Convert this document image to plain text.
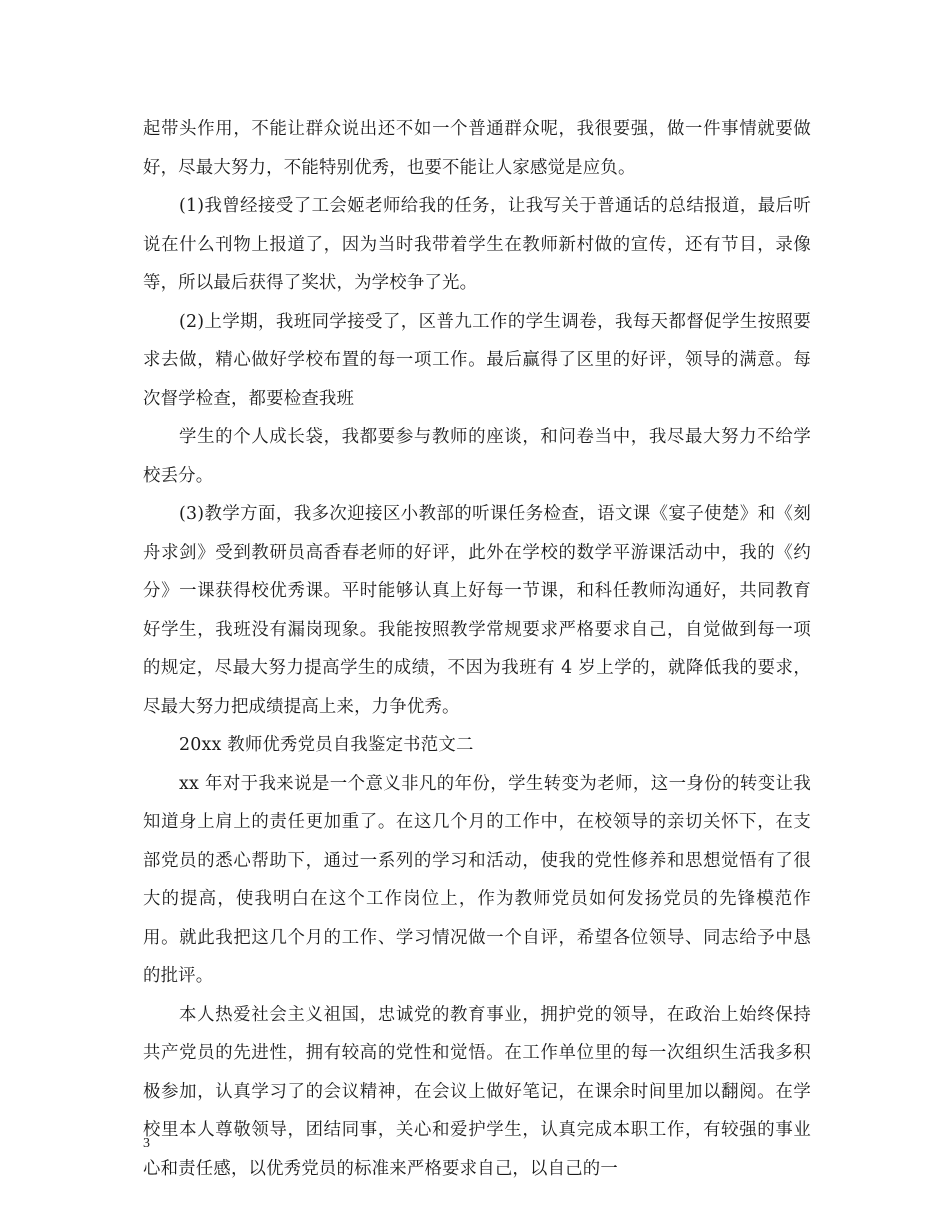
起带头作用，不能让群众说出还不如一个普通群众呢，我很要强，做一件事情就要做好，尽最大努力，不能特别优秀，也要不能让人家感觉是应负。

(1)我曾经接受了工会姬老师给我的任务，让我写关于普通话的总结报道，最后听说在什么刊物上报道了，因为当时我带着学生在教师新村做的宣传，还有节目，录像等，所以最后获得了奖状，为学校争了光。

(2)上学期，我班同学接受了，区普九工作的学生调卷，我每天都督促学生按照要求去做，精心做好学校布置的每一项工作。最后赢得了区里的好评，领导的满意。每次督学检查，都要检查我班

学生的个人成长袋，我都要参与教师的座谈，和问卷当中，我尽最大努力不给学校丢分。

(3)教学方面，我多次迎接区小教部的听课任务检查，语文课《宴子使楚》和《刻舟求剑》受到教研员高香春老师的好评，此外在学校的数学平游课活动中，我的《约分》一课获得校优秀课。平时能够认真上好每一节课，和科任教师沟通好，共同教育好学生，我班没有漏岗现象。我能按照教学常规要求严格要求自己，自觉做到每一项的规定，尽最大努力提高学生的成绩，不因为我班有 4 岁上学的，就降低我的要求，尽最大努力把成绩提高上来，力争优秀。

20xx 教师优秀党员自我鉴定书范文二

xx 年对于我来说是一个意义非凡的年份，学生转变为老师，这一身份的转变让我知道身上肩上的责任更加重了。在这几个月的工作中，在校领导的亲切关怀下，在支部党员的悉心帮助下，通过一系列的学习和活动，使我的党性修养和思想觉悟有了很大的提高，使我明白在这个工作岗位上，作为教师党员如何发扬党员的先锋模范作用。就此我把这几个月的工作、学习情况做一个自评，希望各位领导、同志给予中恳的批评。

本人热爱社会主义祖国，忠诚党的教育事业，拥护党的领导，在政治上始终保持共产党员的先进性，拥有较高的党性和觉悟。在工作单位里的每一次组织生活我多积极参加，认真学习了的会议精神，在会议上做好笔记，在课余时间里加以翻阅。在学校里本人尊敬领导，团结同事，关心和爱护学生，认真完成本职工作，有较强的事业心和责任感，以优秀党员的标准来严格要求自己，以自己的一

3
